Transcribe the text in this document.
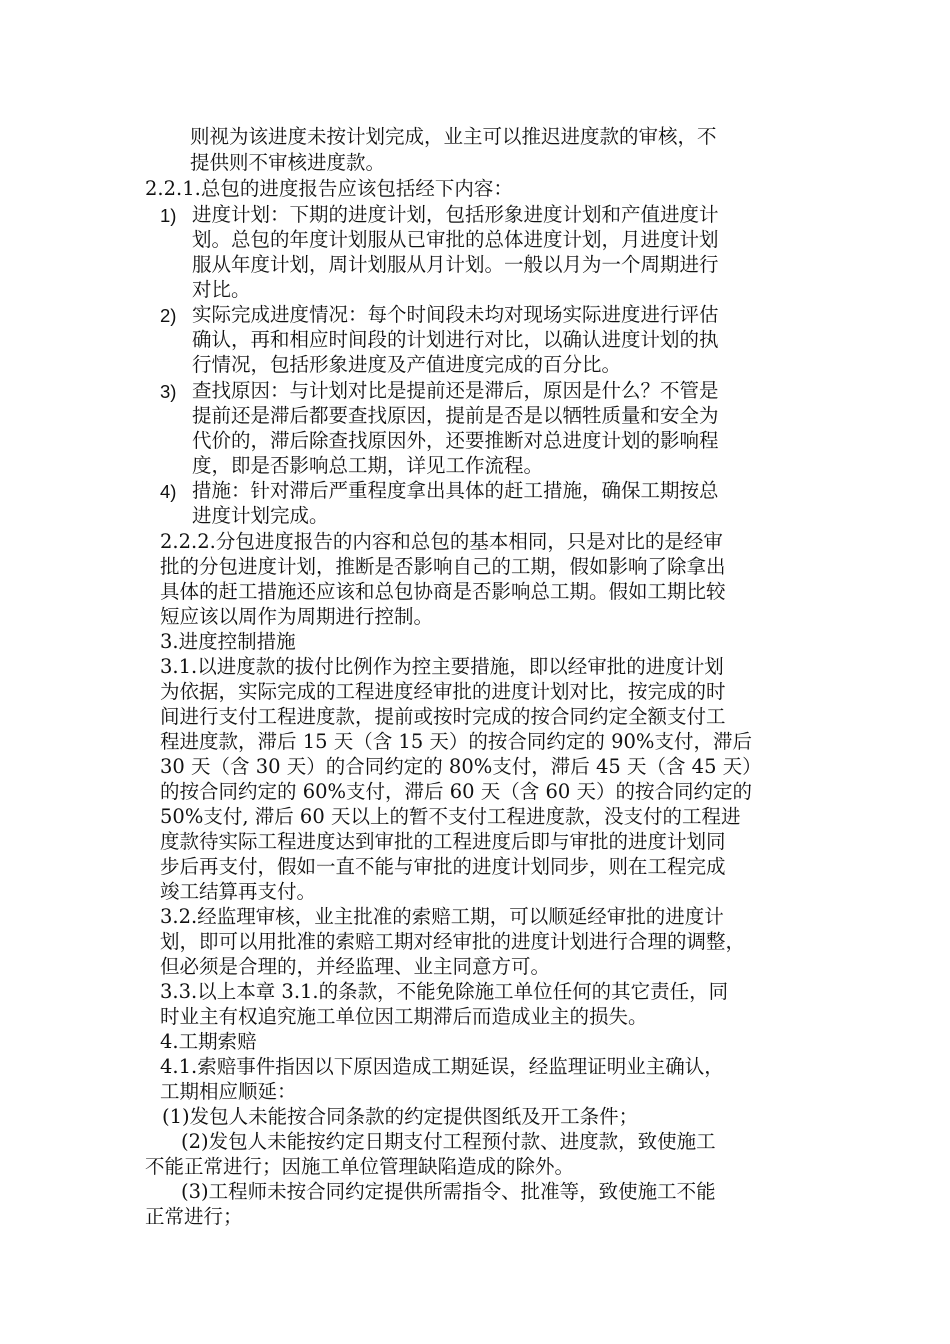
则视为该进度未按计划完成，业主可以推迟进度款的审核，不
提供则不审核进度款。
2.2.1.总包的进度报告应该包括经下内容：
1) 进度计划：下期的进度计划，包括形象进度计划和产值进度计
划。总包的年度计划服从已审批的总体进度计划，月进度计划
服从年度计划，周计划服从月计划。一般以月为一个周期进行
对比。
2) 实际完成进度情况：每个时间段未均对现场实际进度进行评估
确认，再和相应时间段的计划进行对比，以确认进度计划的执
行情况，包括形象进度及产值进度完成的百分比。
3) 查找原因：与计划对比是提前还是滞后，原因是什么？不管是
提前还是滞后都要查找原因，提前是否是以牺牲质量和安全为
代价的，滞后除查找原因外，还要推断对总进度计划的影响程
度，即是否影响总工期，详见工作流程。
4) 措施：针对滞后严重程度拿出具体的赶工措施，确保工期按总
进度计划完成。
2.2.2.分包进度报告的内容和总包的基本相同，只是对比的是经审
批的分包进度计划，推断是否影响自己的工期，假如影响了除拿出
具体的赶工措施还应该和总包协商是否影响总工期。假如工期比较
短应该以周作为周期进行控制。
3.进度控制措施
3.1.以进度款的拔付比例作为控主要措施，即以经审批的进度计划
为依据，实际完成的工程进度经审批的进度计划对比，按完成的时
间进行支付工程进度款，提前或按时完成的按合同约定全额支付工
程进度款，滞后 15 天（含 15 天）的按合同约定的 90%支付，滞后
30 天（含 30 天）的合同约定的 80%支付，滞后 45 天（含 45 天）
的按合同约定的 60%支付，滞后 60 天（含 60 天）的按合同约定的
50%支付, 滞后 60 天以上的暂不支付工程进度款，没支付的工程进
度款待实际工程进度达到审批的工程进度后即与审批的进度计划同
步后再支付，假如一直不能与审批的进度计划同步，则在工程完成
竣工结算再支付。
3.2.经监理审核，业主批准的索赔工期，可以顺延经审批的进度计
划，即可以用批准的索赔工期对经审批的进度计划进行合理的调整，
但必须是合理的，并经监理、业主同意方可。
3.3.以上本章 3.1.的条款，不能免除施工单位任何的其它责任，同
时业主有权追究施工单位因工期滞后而造成业主的损失。
4.工期索赔
4.1.索赔事件指因以下原因造成工期延误，经监理证明业主确认，
工期相应顺延：
(1)发包人未能按合同条款的约定提供图纸及开工条件；
(2)发包人未能按约定日期支付工程预付款、进度款，致使施工
不能正常进行；因施工单位管理缺陷造成的除外。
(3)工程师未按合同约定提供所需指令、批准等，致使施工不能
正常进行；
